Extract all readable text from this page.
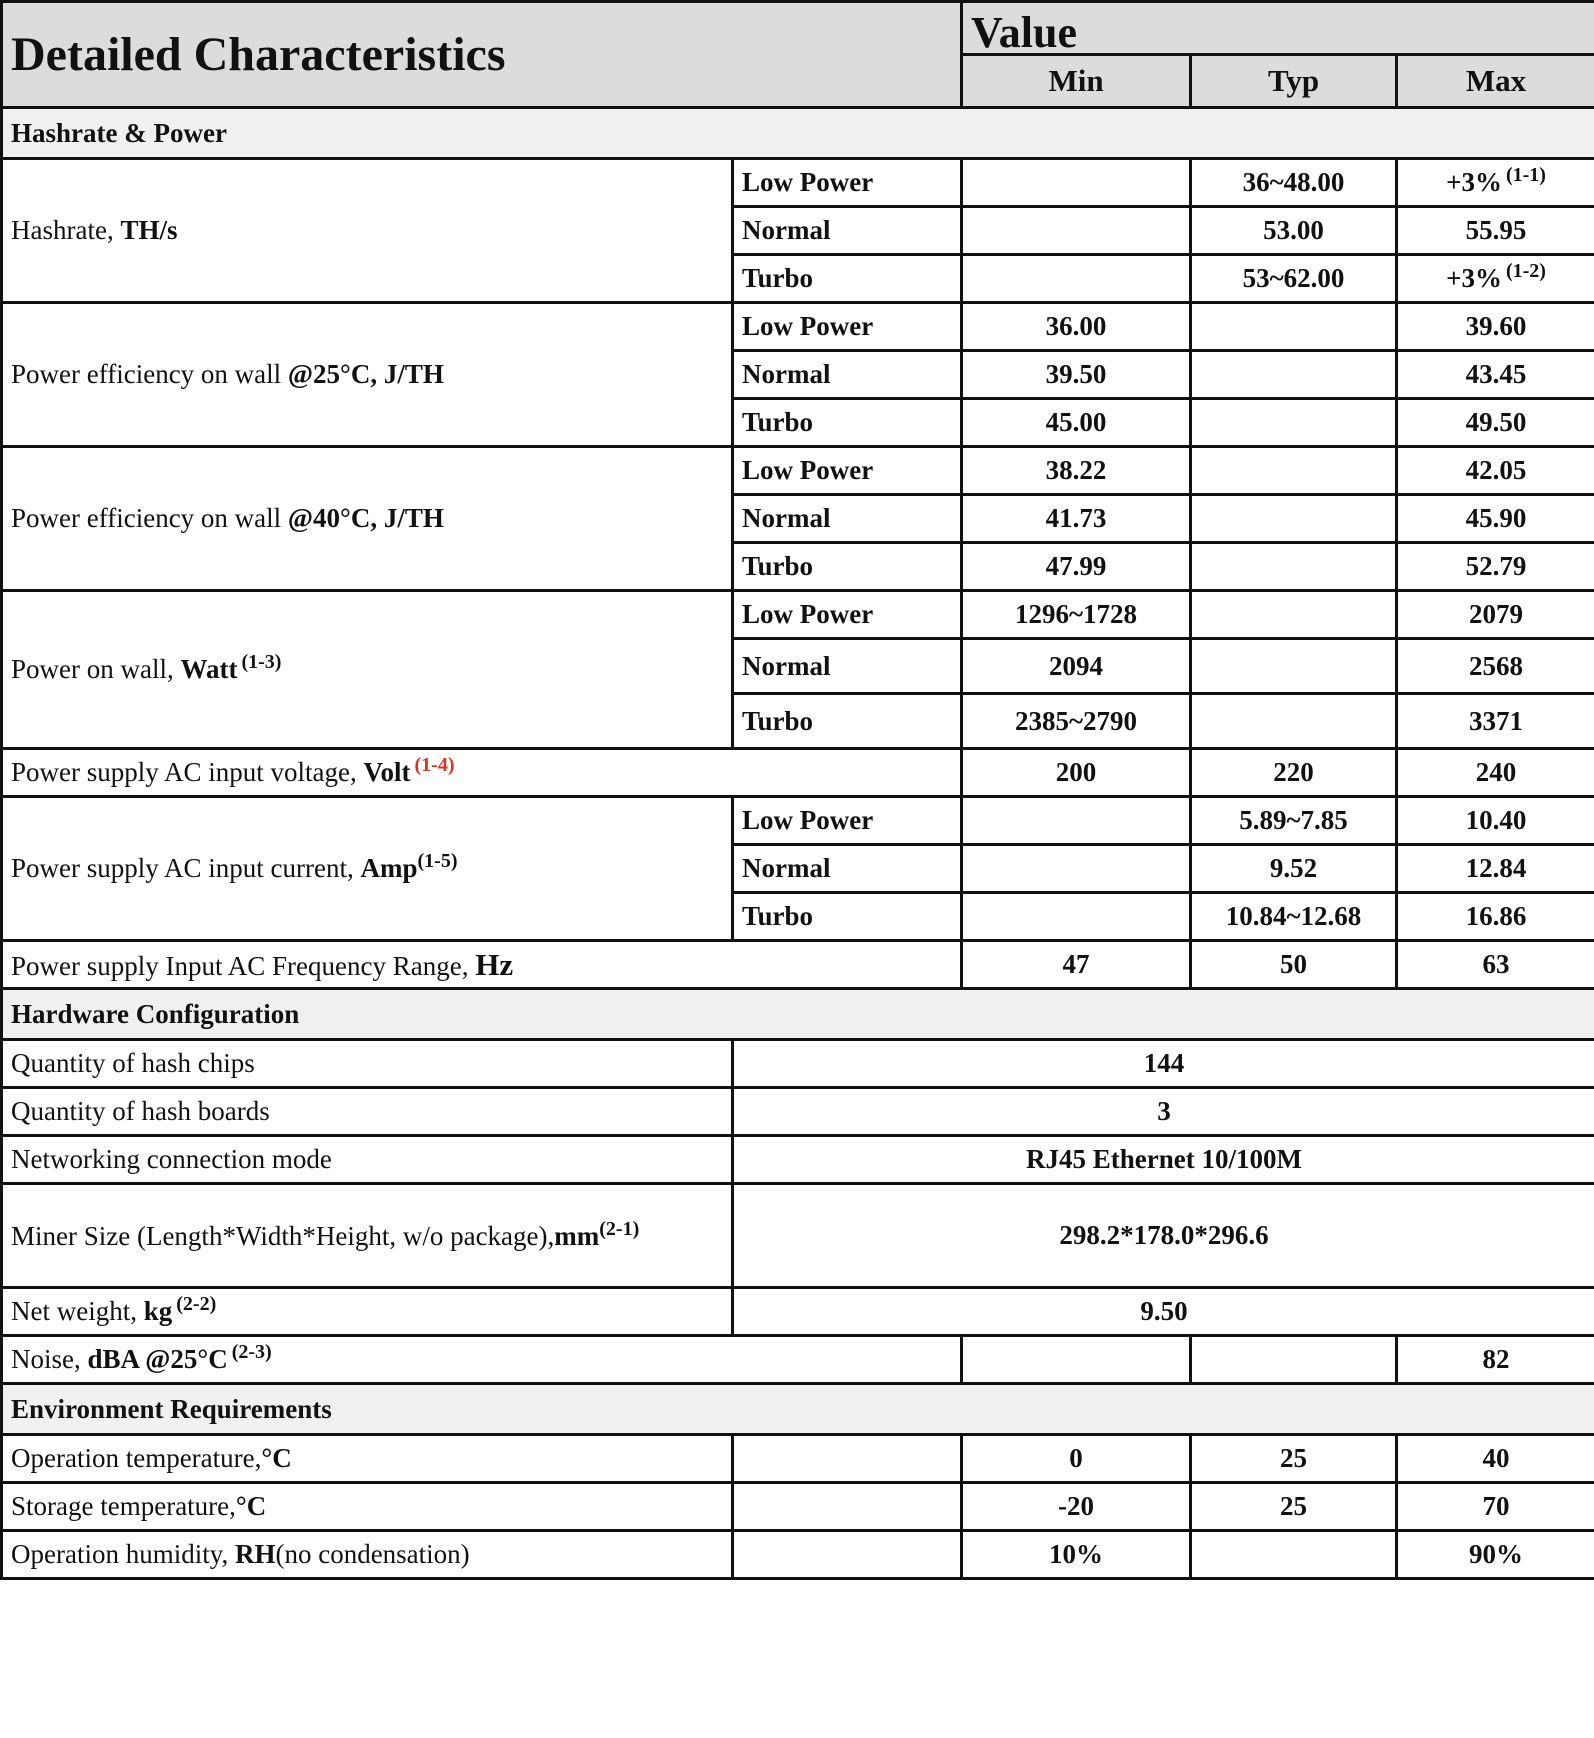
Detailed Characteristics		Value		
		Min	Typ	Max
Hashrate & Power				
Hashrate, TH/s	Low Power		36~48.00	+3% $^{(1-1)}$
	Normal		53.00	55.95
	Turbo		53~62.00	+3% $^{(1-2)}$
Power efficiency on wall @25°C, J/TH	Low Power	36.00		39.60
	Normal	39.50		43.45
	Turbo	45.00		49.50
Power efficiency on wall @40°C, J/TH	Low Power	38.22		42.05
	Normal	41.73		45.90
	Turbo	47.99		52.79
Power on wall, Watt $^{(1-3)}$	Low Power	1296~1728		2079
	Normal	2094		2568
	Turbo	2385~2790		3371
Power supply AC input voltage, Volt $^{(1-4)}$		200	220	240
Power supply AC input current, Amp$^{(1-5)}$	Low Power		5.89~7.85	10.40
	Normal		9.52	12.84
	Turbo		10.84~12.68	16.86
Power supply Input AC Frequency Range, Hz		47	50	63
Hardware Configuration				
Quantity of hash chips	144			
Quantity of hash boards	3			
Networking connection mode	RJ45 Ethernet 10/100M			
Miner Size (Length*Width*Height, w/o $package),mm^{(2-1)}$	298.2*178.0*296.6			
Net weight, kg $^{(2-2)}$	9.50			
Noise, dBA @25°C $^{(2-3)}$				82
Environment Requirements				
Operation temperature,°C		0	25	40
Storage temperature,°C		-20	25	70
Operation humidity, RH(no condensation)		10%		90%
